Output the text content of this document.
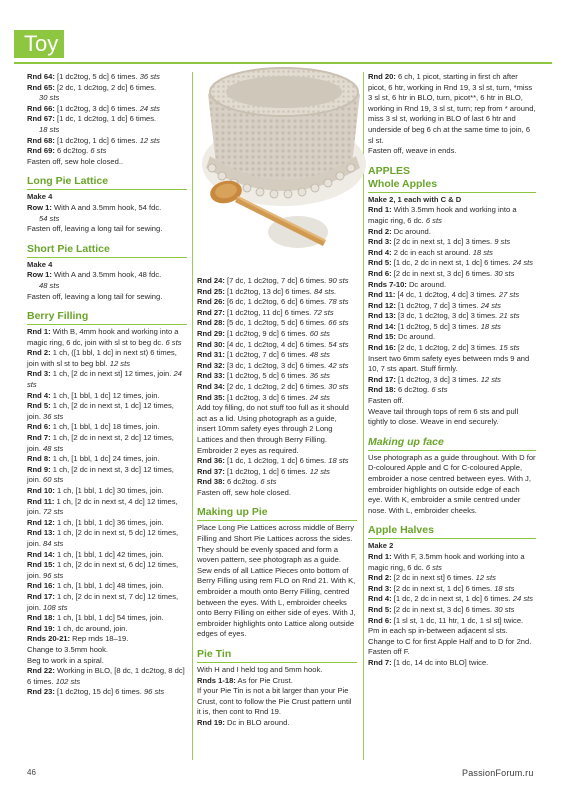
Toy
Rnd 64: [1 dc2tog, 5 dc] 6 times. 36 sts
Rnd 65: [2 dc, 1 dc2tog, 2 dc] 6 times.
30 sts
Rnd 66: [1 dc2tog, 3 dc] 6 times. 24 sts
Rnd 67: [1 dc, 1 dc2tog, 1 dc] 6 times.
18 sts
Rnd 68: [1 dc2tog, 1 dc] 6 times. 12 sts
Rnd 69: 6 dc2tog. 6 sts
Fasten off, sew hole closed..
Long Pie Lattice
Make 4
Row 1: With A and 3.5mm hook, 54 fdc.
54 sts
Fasten off, leaving a long tail for sewing.
Short Pie Lattice
Make 4
Row 1: With A and 3.5mm hook, 48 fdc.
48 sts
Fasten off, leaving a long tail for sewing.
Berry Filling
Rnd 1: With B, 4mm hook and working into a magic ring, 6 dc, join with sl st to beg dc. 6 sts
Rnd 2: 1 ch, ([1 bbl, 1 dc] in next st) 6 times, join with sl st to beg bbl. 12 sts
Rnd 3: 1 ch, [2 dc in next st] 12 times, join. 24 sts
Rnd 4: 1 ch, [1 bbl, 1 dc] 12 times, join.
Rnd 5: 1 ch, [2 dc in next st, 1 dc] 12 times, join. 36 sts
Rnd 6: 1 ch, [1 bbl, 1 dc] 18 times, join.
Rnd 7: 1 ch, [2 dc in next st, 2 dc] 12 times, join. 48 sts
Rnd 8: 1 ch, [1 bbl, 1 dc] 24 times, join.
Rnd 9: 1 ch, [2 dc in next st, 3 dc] 12 times, join. 60 sts
Rnd 10: 1 ch, [1 bbl, 1 dc] 30 times, join.
Rnd 11: 1 ch, [2 dc in next st, 4 dc] 12 times, join. 72 sts
Rnd 12: 1 ch, [1 bbl, 1 dc] 36 times, join.
Rnd 13: 1 ch, [2 dc in next st, 5 dc] 12 times, join. 84 sts
Rnd 14: 1 ch, [1 bbl, 1 dc] 42 times, join.
Rnd 15: 1 ch, [2 dc in next st, 6 dc] 12 times, join. 96 sts
Rnd 16: 1 ch, [1 bbl, 1 dc] 48 times, join.
Rnd 17: 1 ch, [2 dc in next st, 7 dc] 12 times, join. 108 sts
Rnd 18: 1 ch, [1 bbl, 1 dc] 54 times, join.
Rnd 19: 1 ch, dc around, join.
Rnds 20-21: Rep rnds 18–19.
Change to 3.5mm hook.
Beg to work in a spiral.
Rnd 22: Working in BLO, [8 dc, 1 dc2tog, 8 dc] 6 times. 102 sts
Rnd 23: [1 dc2tog, 15 dc] 6 times. 96 sts
Rnd 24: [7 dc, 1 dc2tog, 7 dc] 6 times. 90 sts
Rnd 25: [1 dc2tog, 13 dc] 6 times. 84 sts.
Rnd 26: [6 dc, 1 dc2tog, 6 dc] 6 times. 78 sts
Rnd 27: [1 dc2tog, 11 dc] 6 times. 72 sts
Rnd 28: [5 dc, 1 dc2tog, 5 dc] 6 times. 66 sts
Rnd 29: [1 dc2tog, 9 dc] 6 times. 60 sts
Rnd 30: [4 dc, 1 dc2tog, 4 dc] 6 times. 54 sts
Rnd 31: [1 dc2tog, 7 dc] 6 times. 48 sts
Rnd 32: [3 dc, 1 dc2tog, 3 dc] 6 times. 42 sts
Rnd 33: [1 dc2tog, 5 dc] 6 times. 36 sts
Rnd 34: [2 dc, 1 dc2tog, 2 dc] 6 times. 30 sts
Rnd 35: [1 dc2tog, 3 dc] 6 times. 24 sts
Add toy filling, do not stuff too full as it should act as a lid. Using photograph as a guide, insert 10mm safety eyes through 2 Long Lattices and then through Berry Filling. Embroider 2 eyes as required.
Rnd 36: [1 dc, 1 dc2tog, 1 dc] 6 times. 18 sts
Rnd 37: [1 dc2tog, 1 dc] 6 times. 12 sts
Rnd 38: 6 dc2tog. 6 sts
Fasten off, sew hole closed.
Making up Pie
Place Long Pie Lattices across middle of Berry Filling and Short Pie Lattices across the sides. They should be evenly spaced and form a woven pattern, see photograph as a guide. Sew ends of all Lattice Pieces onto bottom of Berry Filling using rem FLO on Rnd 21. With K, embroider a mouth onto Berry Filling, centred between the eyes. With L, embroider cheeks onto Berry Filling on either side of eyes. With J, embroider highlights onto Lattice along outside edges of eyes.
Pie Tin
With H and I held tog and 5mm hook.
Rnds 1-18: As for Pie Crust.
If your Pie Tin is not a bit larger than your Pie Crust, cont to follow the Pie Crust pattern until it is, then cont to Rnd 19.
Rnd 19: Dc in BLO around.
Rnd 20: 6 ch, 1 picot, starting in first ch after picot, 6 htr, working in Rnd 19, 3 sl st, turn, *miss 3 sl st, 6 htr in BLO, turn, picot**, 6 htr in BLO, working in Rnd 19, 3 sl st, turn; rep from * around, miss 3 sl st, working in BLO of last 6 htr and underside of beg 6 ch at the same time to join, 6 sl st.
Fasten off, weave in ends.
APPLES
Whole Apples
Make 2, 1 each with C & D
Rnd 1: With 3.5mm hook and working into a magic ring, 6 dc. 6 sts
Rnd 2: Dc around.
Rnd 3: [2 dc in next st, 1 dc] 3 times. 9 sts
Rnd 4: 2 dc in each st around. 18 sts
Rnd 5: [1 dc, 2 dc in next st, 1 dc] 6 times. 24 sts
Rnd 6: [2 dc in next st, 3 dc] 6 times. 30 sts
Rnds 7-10: Dc around.
Rnd 11: [4 dc, 1 dc2tog, 4 dc] 3 times. 27 sts
Rnd 12: [1 dc2tog, 7 dc] 3 times. 24 sts
Rnd 13: [3 dc, 1 dc2tog, 3 dc] 3 times. 21 sts
Rnd 14: [1 dc2tog, 5 dc] 3 times. 18 sts
Rnd 15: Dc around.
Rnd 16: [2 dc, 1 dc2tog, 2 dc] 3 times. 15 sts
Insert two 6mm safety eyes between rnds 9 and 10, 7 sts apart. Stuff firmly.
Rnd 17: [1 dc2tog, 3 dc] 3 times. 12 sts
Rnd 18: 6 dc2tog. 6 sts
Fasten off.
Weave tail through tops of rem 6 sts and pull tightly to close. Weave in end securely.
Making up face
Use photograph as a guide throughout. With D for D-coloured Apple and C for C-coloured Apple, embroider a nose centred between eyes. With J, embroider highlights on outside edge of each eye. With K, embroider a smile centred under nose. With L, embroider cheeks.
Apple Halves
Make 2
Rnd 1: With F, 3.5mm hook and working into a magic ring, 6 dc. 6 sts
Rnd 2: [2 dc in next st] 6 times. 12 sts
Rnd 3: [2 dc in next st, 1 dc] 6 times. 18 sts
Rnd 4: [1 dc, 2 dc in next st, 1 dc] 6 times. 24 sts
Rnd 5: [2 dc in next st, 3 dc] 6 times. 30 sts
Rnd 6: [1 sl st, 1 dc, 11 htr, 1 dc, 1 sl st] twice. Pm in each sp in-between adjacent sl sts.
Change to C for first Apple Half and to D for 2nd. Fasten off F.
Rnd 7: [1 dc, 14 dc into BLO] twice.
46	PassionForum.ru
